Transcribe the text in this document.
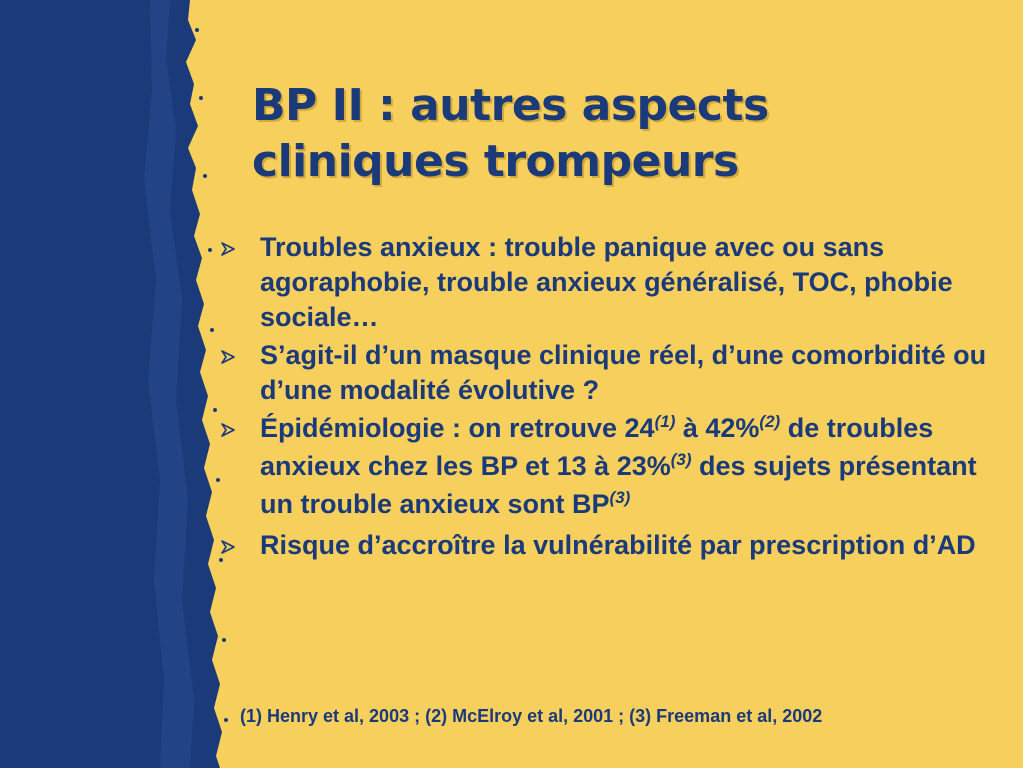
BP II : autres aspects
cliniques trompeurs
Troubles anxieux : trouble panique avec ou sans agoraphobie, trouble anxieux généralisé, TOC, phobie sociale…
S’agit-il d’un masque clinique réel, d’une comorbidité ou d’une modalité évolutive ?
Épidémiologie : on retrouve 24$^{(1)}$ à 42%$^{(2)}$ de troubles anxieux chez les BP et 13 à 23%$^{(3)}$ des sujets présentant un trouble anxieux sont BP$^{(3)}$
Risque d’accroître la vulnérabilité par prescription d’AD
(1) Henry et al, 2003 ; (2) McElroy et al, 2001 ; (3) Freeman et al, 2002
